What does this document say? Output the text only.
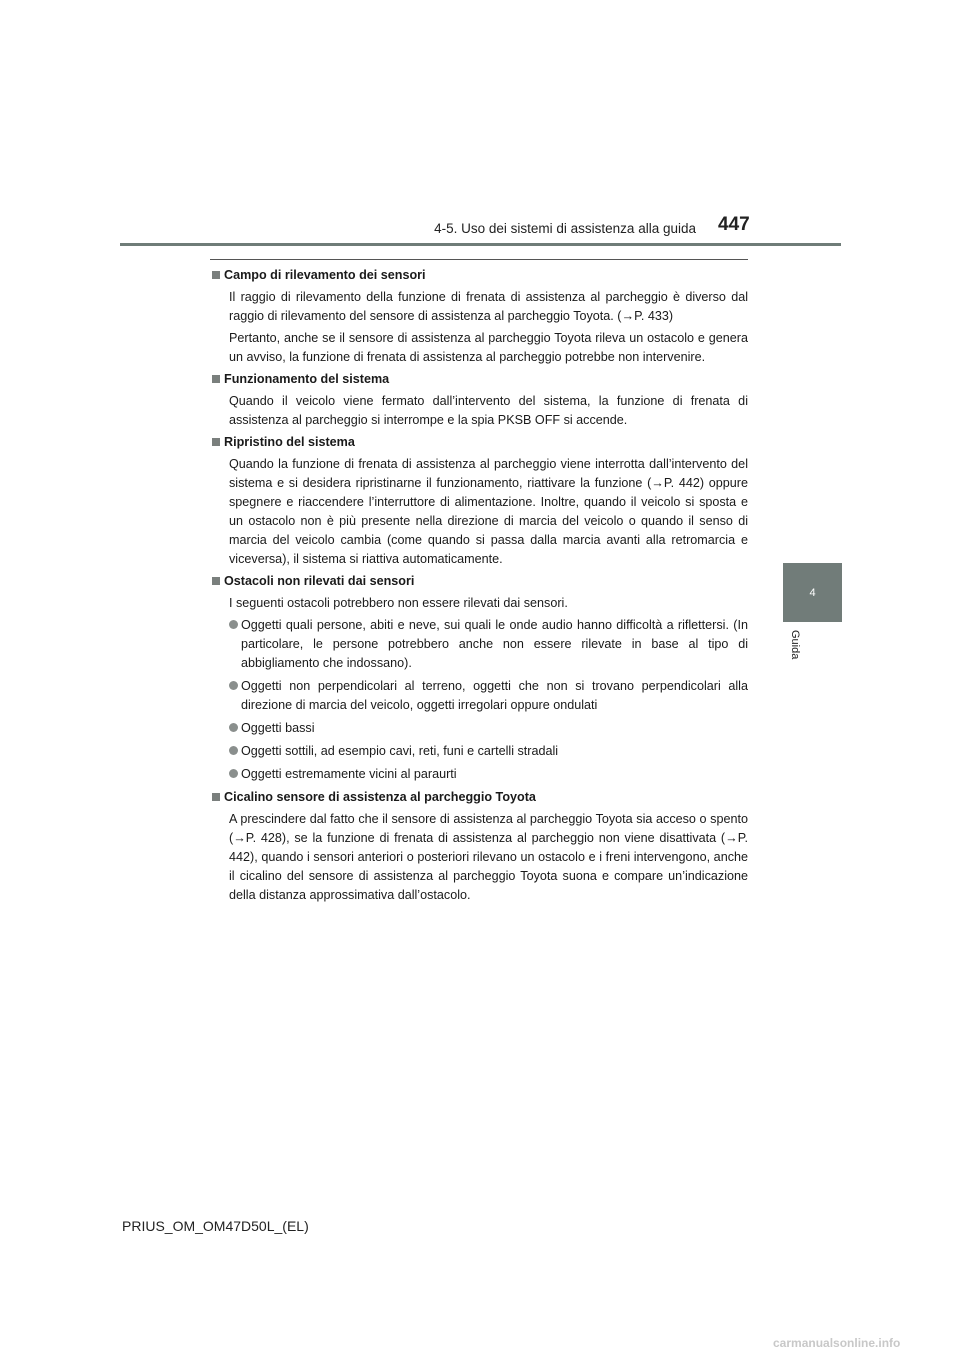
4-5. Uso dei sistemi di assistenza alla guida 447
4
Guida
Campo di rilevamento dei sensori

Il raggio di rilevamento della funzione di frenata di assistenza al parcheggio è diverso dal raggio di rilevamento del sensore di assistenza al parcheggio Toyota. (→P. 433)

Pertanto, anche se il sensore di assistenza al parcheggio Toyota rileva un ostacolo e genera un avviso, la funzione di frenata di assistenza al parcheggio potrebbe non intervenire.

Funzionamento del sistema

Quando il veicolo viene fermato dall’intervento del sistema, la funzione di frenata di assistenza al parcheggio si interrompe e la spia PKSB OFF si accende.

Ripristino del sistema

Quando la funzione di frenata di assistenza al parcheggio viene interrotta dall’intervento del sistema e si desidera ripristinarne il funzionamento, riattivare la funzione (→P. 442) oppure spegnere e riaccendere l’interruttore di alimentazione. Inoltre, quando il veicolo si sposta e un ostacolo non è più presente nella direzione di marcia del veicolo o quando il senso di marcia del veicolo cambia (come quando si passa dalla marcia avanti alla retromarcia e viceversa), il sistema si riattiva automaticamente.

Ostacoli non rilevati dai sensori

I seguenti ostacoli potrebbero non essere rilevati dai sensori.

Oggetti quali persone, abiti e neve, sui quali le onde audio hanno difficoltà a riflettersi. (In particolare, le persone potrebbero anche non essere rilevate in base al tipo di abbigliamento che indossano).
Oggetti non perpendicolari al terreno, oggetti che non si trovano perpendicolari alla direzione di marcia del veicolo, oggetti irregolari oppure ondulati
Oggetti bassi
Oggetti sottili, ad esempio cavi, reti, funi e cartelli stradali
Oggetti estremamente vicini al paraurti
Cicalino sensore di assistenza al parcheggio Toyota

A prescindere dal fatto che il sensore di assistenza al parcheggio Toyota sia acceso o spento (→P. 428), se la funzione di frenata di assistenza al parcheggio non viene disattivata (→P. 442), quando i sensori anteriori o posteriori rilevano un ostacolo e i freni intervengono, anche il cicalino del sensore di assistenza al parcheggio Toyota suona e compare un’indicazione della distanza approssimativa dall’ostacolo.

PRIUS_OM_OM47D50L_(EL)
carmanualsonline.info
